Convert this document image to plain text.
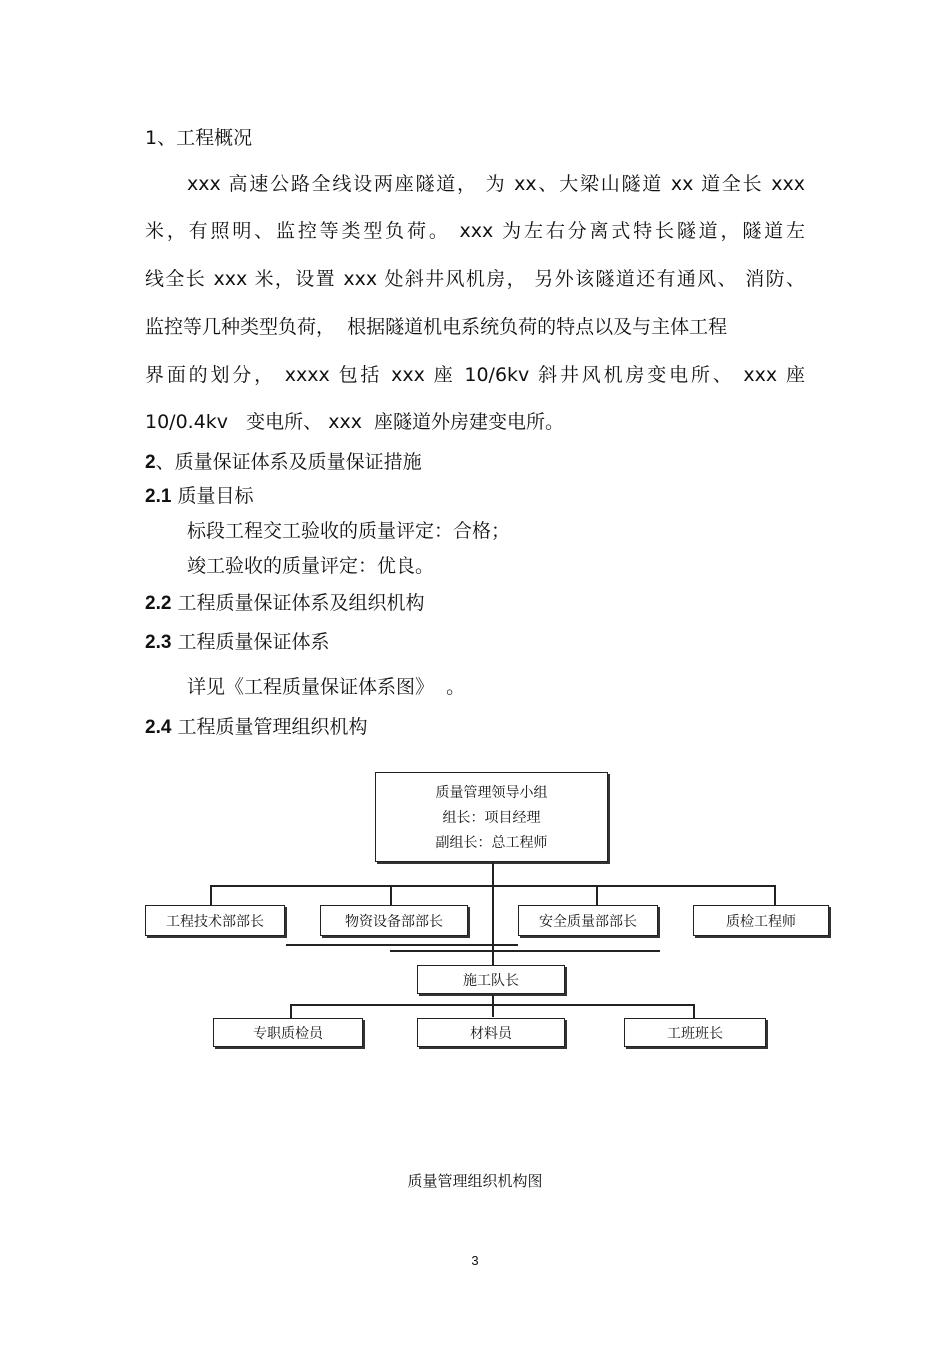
1、工程概况
xxx 高速公路全线设两座隧道， 为 xx、大梁山隧道 xx 道全长 xxx
米，有照明、监控等类型负荷。 xxx 为左右分离式特长隧道，隧道左
线全长 xxx 米，设置 xxx 处斜井风机房， 另外该隧道还有通风、 消防、
监控等几种类型负荷，  根据隧道机电系统负荷的特点以及与主体工程
界面的划分， xxxx 包括 xxx 座 10/6kv 斜井风机房变电所、 xxx 座
10/0.4kv   变电所、 xxx  座隧道外房建变电所。
2、质量保证体系及质量保证措施
2.1 质量目标
标段工程交工验收的质量评定：合格；
竣工验收的质量评定：优良。
2.2 工程质量保证体系及组织机构
2.3 工程质量保证体系
详见《工程质量保证体系图》  。
2.4 工程质量管理组织机构
质量管理领导小组
组长：项目经理
副组长：总工程师
工程技术部部长	物资设备部部长	安全质量部部长	质检工程师
施工队长
专职质检员	材料员	工班班长
质量管理组织机构图
3
